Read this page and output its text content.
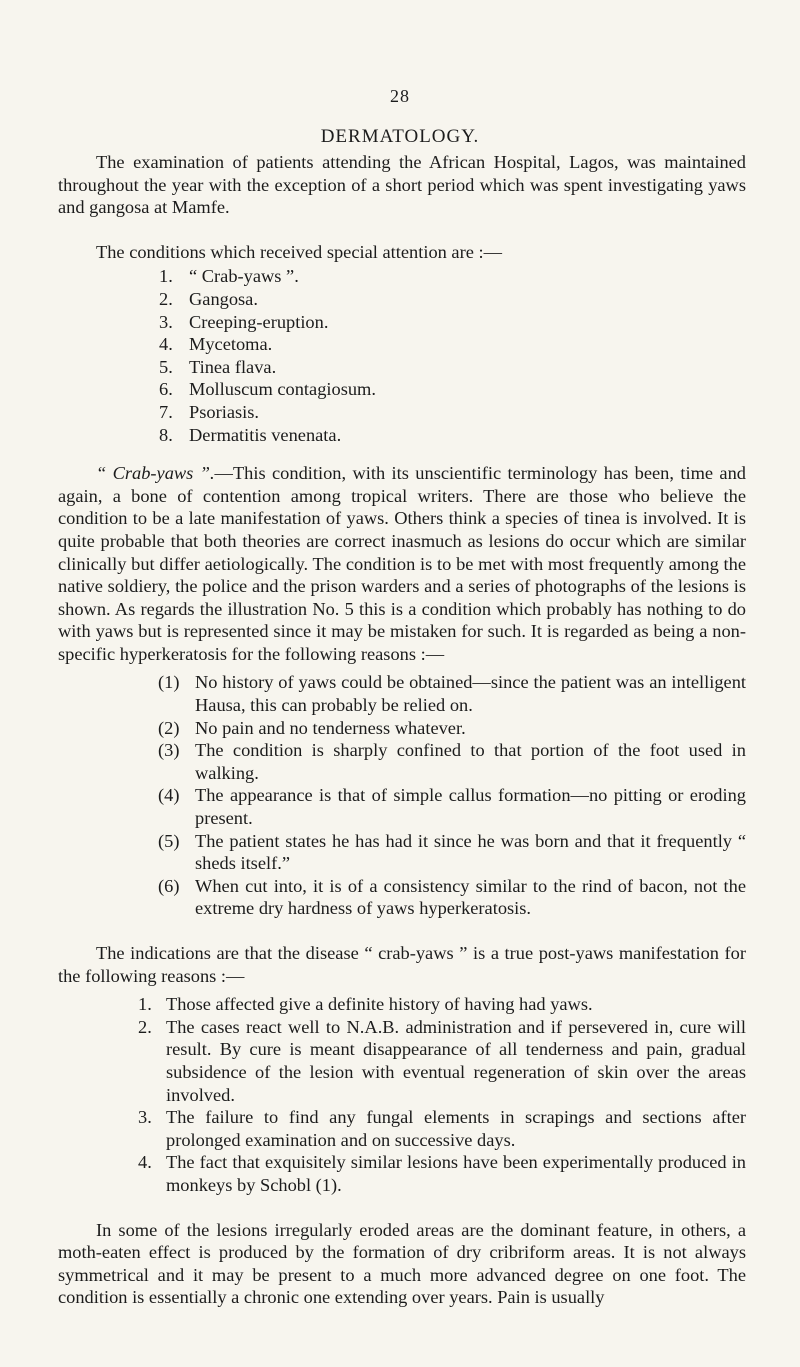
28
DERMATOLOGY.

The examination of patients attending the African Hospital, Lagos, was maintained throughout the year with the exception of a short period which was spent investigating yaws and gangosa at Mamfe.

The conditions which received special attention are :—

1. “ Crab-yaws ”.
2. Gangosa.
3. Creeping-eruption.
4. Mycetoma.
5. Tinea flava.
6. Molluscum contagiosum.
7. Psoriasis.
8. Dermatitis venenata.

“ Crab-yaws ”.—This condition, with its unscientific terminology has been, time and again, a bone of contention among tropical writers. There are those who believe the condition to be a late manifestation of yaws. Others think a species of tinea is involved. It is quite probable that both theories are correct inasmuch as lesions do occur which are similar clinically but differ aetiologically. The condition is to be met with most frequently among the native soldiery, the police and the prison warders and a series of photographs of the lesions is shown. As regards the illustration No. 5 this is a condition which probably has nothing to do with yaws but is represented since it may be mistaken for such. It is regarded as being a non-specific hyperkeratosis for the following reasons :—

(1) No history of yaws could be obtained—since the patient was an intelligent Hausa, this can probably be relied on.
(2) No pain and no tenderness whatever.
(3) The condition is sharply confined to that portion of the foot used in walking.
(4) The appearance is that of simple callus formation—no pitting or eroding present.
(5) The patient states he has had it since he was born and that it frequently “ sheds itself.”
(6) When cut into, it is of a consistency similar to the rind of bacon, not the extreme dry hardness of yaws hyperkeratosis.

The indications are that the disease “ crab-yaws ” is a true post-yaws manifestation for the following reasons :—

1. Those affected give a definite history of having had yaws.
2. The cases react well to N.A.B. administration and if persevered in, cure will result. By cure is meant disappearance of all tenderness and pain, gradual subsidence of the lesion with eventual regeneration of skin over the areas involved.
3. The failure to find any fungal elements in scrapings and sections after prolonged examination and on successive days.
4. The fact that exquisitely similar lesions have been experimentally produced in monkeys by Schobl (1).

In some of the lesions irregularly eroded areas are the dominant feature, in others, a moth-eaten effect is produced by the formation of dry cribriform areas. It is not always symmetrical and it may be present to a much more advanced degree on one foot. The condition is essentially a chronic one extending over years. Pain is usually
